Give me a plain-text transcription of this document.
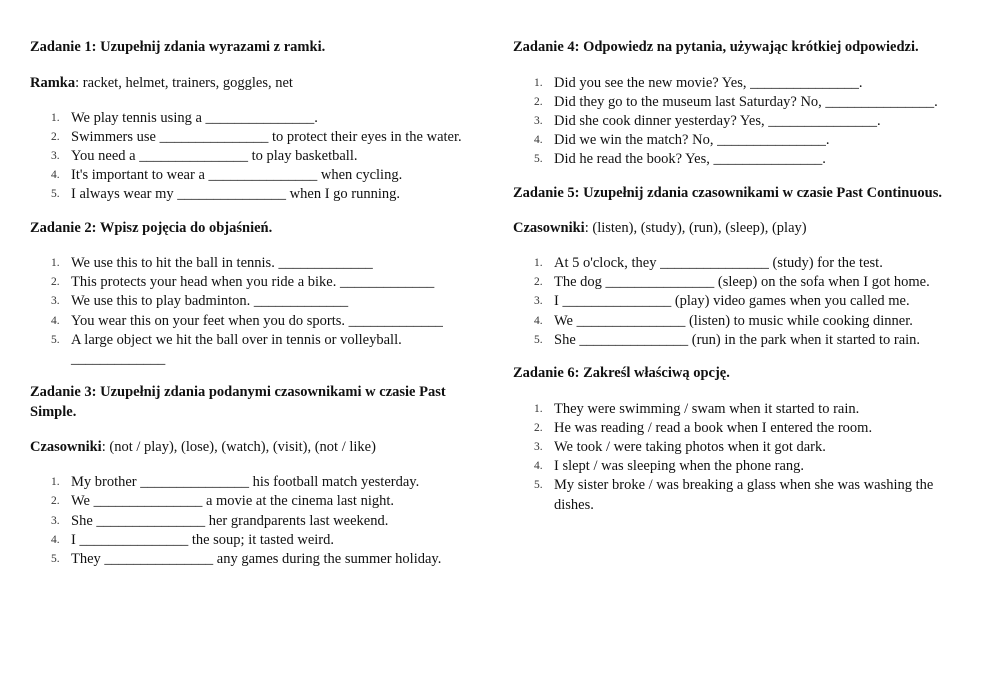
Zadanie 1: Uzupełnij zdania wyrazami z ramki.

Ramka: racket, helmet, trainers, goggles, net

1. We play tennis using a _______________.
2. Swimmers use _______________ to protect their eyes in the water.
3. You need a _______________ to play basketball.
4. It's important to wear a _______________ when cycling.
5. I always wear my _______________ when I go running.

Zadanie 2: Wpisz pojęcia do objaśnień.

1. We use this to hit the ball in tennis. _____________
2. This protects your head when you ride a bike. _____________
3. We use this to play badminton. _____________
4. You wear this on your feet when you do sports. _____________
5. A large object we hit the ball over in tennis or volleyball. _____________

Zadanie 3: Uzupełnij zdania podanymi czasownikami w czasie Past Simple.

Czasowniki: (not / play), (lose), (watch), (visit), (not / like)

1. My brother _______________ his football match yesterday.
2. We _______________ a movie at the cinema last night.
3. She _______________ her grandparents last weekend.
4. I _______________ the soup; it tasted weird.
5. They _______________ any games during the summer holiday.

Zadanie 4: Odpowiedz na pytania, używając krótkiej odpowiedzi.

1. Did you see the new movie? Yes, _______________.
2. Did they go to the museum last Saturday? No, _______________.
3. Did she cook dinner yesterday? Yes, _______________.
4. Did we win the match? No, _______________.
5. Did he read the book? Yes, _______________.

Zadanie 5: Uzupełnij zdania czasownikami w czasie Past Continuous.

Czasowniki: (listen), (study), (run), (sleep), (play)

1. At 5 o'clock, they _______________ (study) for the test.
2. The dog _______________ (sleep) on the sofa when I got home.
3. I _______________ (play) video games when you called me.
4. We _______________ (listen) to music while cooking dinner.
5. She _______________ (run) in the park when it started to rain.

Zadanie 6: Zakreśl właściwą opcję.

1. They were swimming / swam when it started to rain.
2. He was reading / read a book when I entered the room.
3. We took / were taking photos when it got dark.
4. I slept / was sleeping when the phone rang.
5. My sister broke / was breaking a glass when she was washing the dishes.
